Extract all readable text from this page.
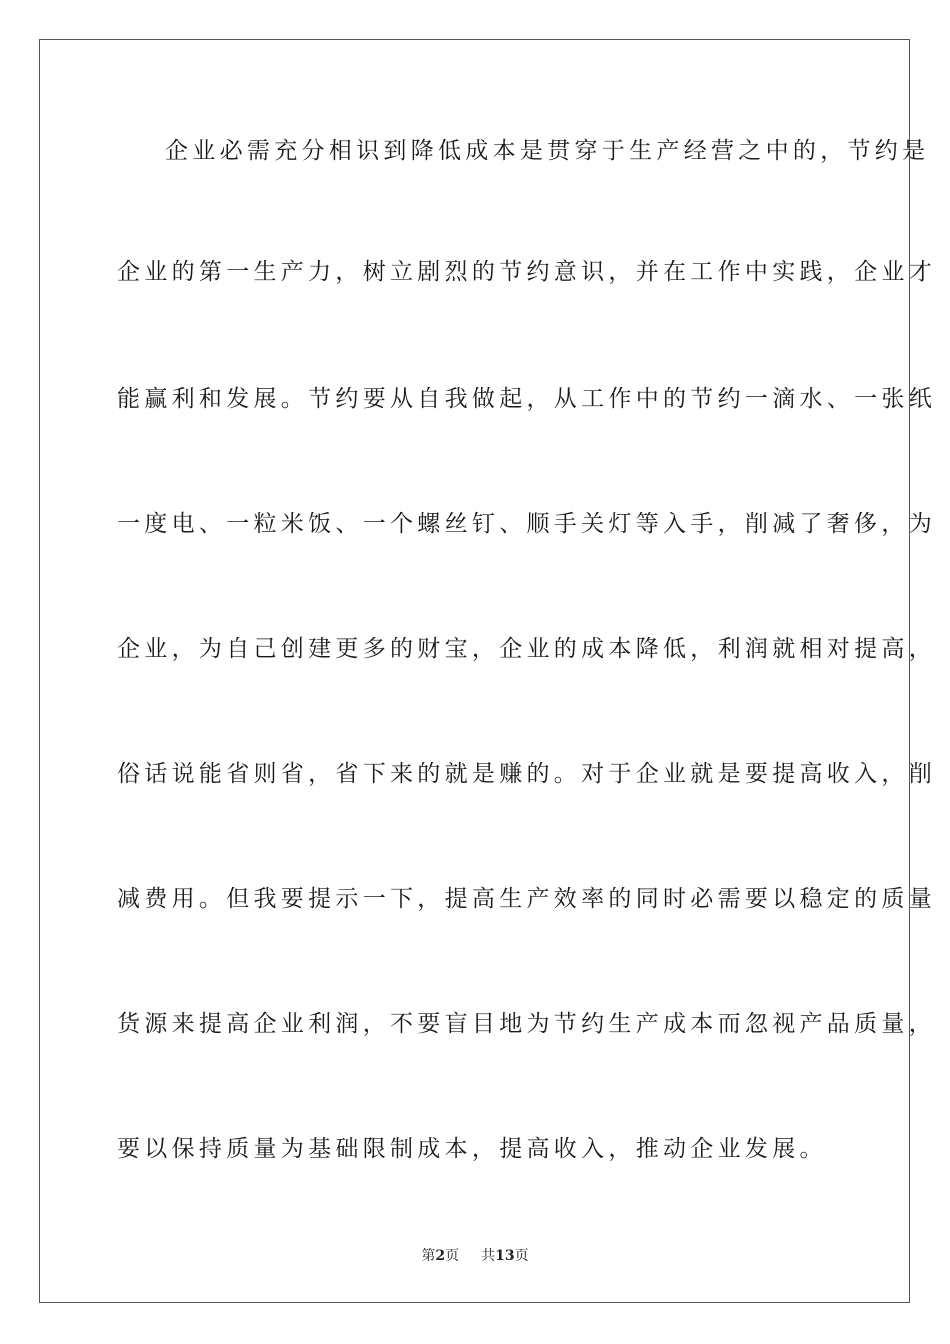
企业必需充分相识到降低成本是贯穿于生产经营之中的，节约是
企业的第一生产力，树立剧烈的节约意识，并在工作中实践，企业才
能赢利和发展。节约要从自我做起，从工作中的节约一滴水、一张纸
一度电、一粒米饭、一个螺丝钉、顺手关灯等入手，削减了奢侈，为
企业，为自己创建更多的财宝，企业的成本降低，利润就相对提高，
俗话说能省则省，省下来的就是赚的。对于企业就是要提高收入，削
减费用。但我要提示一下，提高生产效率的同时必需要以稳定的质量
货源来提高企业利润，不要盲目地为节约生产成本而忽视产品质量，
要以保持质量为基础限制成本，提高收入，推动企业发展。
第2页 共13页
